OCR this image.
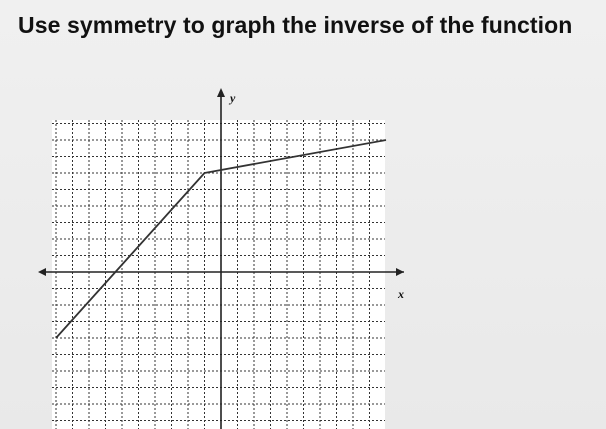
Use symmetry to graph the inverse of the function
x
y
